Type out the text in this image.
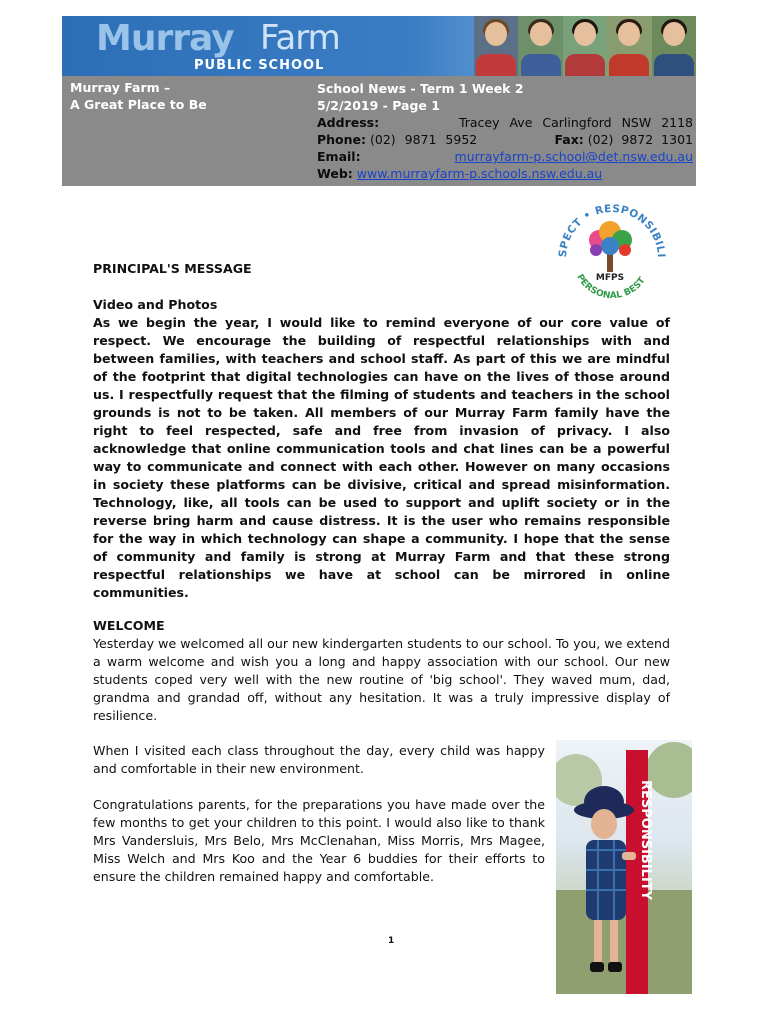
Murray Farm
PUBLIC SCHOOL
Murray Farm –
A Great Place to Be
School News - Term 1 Week 2
5/2/2019 - Page 1
Address:	Tracey Ave Carlingford NSW 2118
Phone: (02) 9871 5952	Fax: (02) 9872 1301
Email:	murrayfarm-p.school@det.nsw.edu.au
Web: www.murrayfarm-p.schools.nsw.edu.au
SPECT • RESPONSIBILI
PERSONAL BEST
MFPS
PRINCIPAL'S MESSAGE
Video and Photos
As we begin the year, I would like to remind everyone of our core value of respect. We encourage the building of respectful relationships with and between families, with teachers and school staff. As part of this we are mindful of the footprint that digital technologies can have on the lives of those around us. I respectfully request that the filming of students and teachers in the school grounds is not to be taken. All members of our Murray Farm family have the right to feel respected, safe and free from invasion of privacy. I also acknowledge that online communication tools and chat lines can be a powerful way to communicate and connect with each other. However on many occasions in society these platforms can be divisive, critical and spread misinformation. Technology, like, all tools can be used to support and uplift society or in the reverse bring harm and cause distress. It is the user who remains responsible for the way in which technology can shape a community. I hope that the sense of community and family is strong at Murray Farm and that these strong respectful relationships we have at school can be mirrored in online communities.
WELCOME
Yesterday we welcomed all our new kindergarten students to our school. To you, we extend a warm welcome and wish you a long and happy association with our school. Our new students coped very well with the new routine of 'big school'. They waved mum, dad, grandma and grandad off, without any hesitation. It was a truly impressive display of resilience.
When I visited each class throughout the day, every child was happy and comfortable in their new environment.
Congratulations parents, for the preparations you have made over the few months to get your children to this point. I would also like to thank Mrs Vandersluis, Mrs Belo, Mrs McClenahan, Miss Morris, Mrs Magee, Miss Welch and Mrs Koo and the Year 6 buddies for their efforts to ensure the children remained happy and comfortable.	RESPONSIBILITY
1
